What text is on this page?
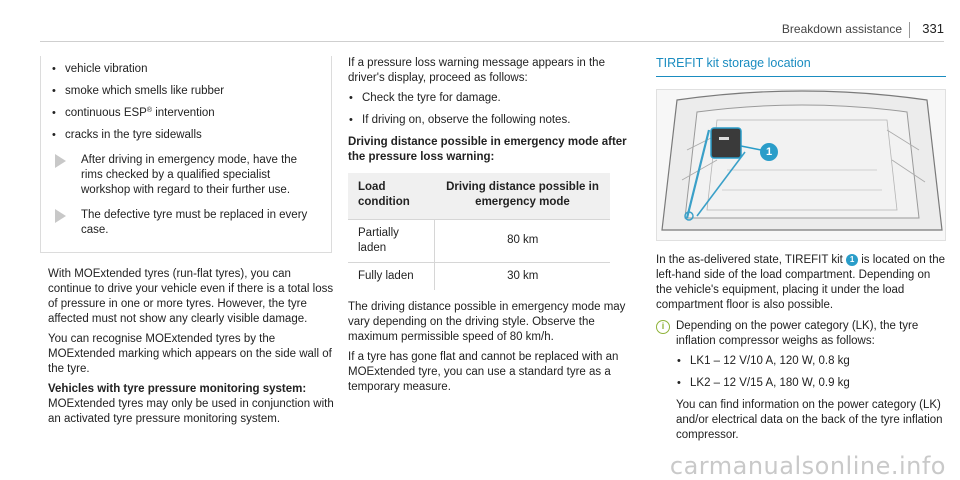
Breakdown assistance 331
• vehicle vibration
• smoke which smells like rubber
• continuous ESP® intervention
• cracks in the tyre sidewalls
After driving in emergency mode, have the rims checked by a qualified specialist workshop with regard to their further use.
The defective tyre must be replaced in every case.

With MOExtended tyres (run-flat tyres), you can continue to drive your vehicle even if there is a total loss of pressure in one or more tyres. However, the tyre affected must not show any clearly visible damage.

You can recognise MOExtended tyres by the MOExtended marking which appears on the side wall of the tyre.

Vehicles with tyre pressure monitoring system:

MOExtended tyres may only be used in conjunction with an activated tyre pressure monitoring system.

If a pressure loss warning message appears in the driver's display, proceed as follows:

• Check the tyre for damage.
• If driving on, observe the following notes.

Driving distance possible in emergency mode after the pressure loss warning:

Load condition	Driving distance possible in emergency mode
Partially laden	80 km
Fully laden	30 km

The driving distance possible in emergency mode may vary depending on the driving style. Observe the maximum permissible speed of 80 km/h.

If a tyre has gone flat and cannot be replaced with an MOExtended tyre, you can use a standard tyre as a temporary measure.

TIREFIT kit storage location
1

In the as-delivered state, TIREFIT kit 1 is located on the left-hand side of the load compartment. Depending on the vehicle's equipment, placing it under the load compartment floor is also possible.

i	Depending on the power category (LK), the tyre inflation compressor weighs as follows:

• LK1 – 12 V/10 A, 120 W, 0.8 kg
• LK2 – 12 V/15 A, 180 W, 0.9 kg

You can find information on the power category (LK) and/or electrical data on the back of the tyre inflation compressor.

carmanualsonline.info
